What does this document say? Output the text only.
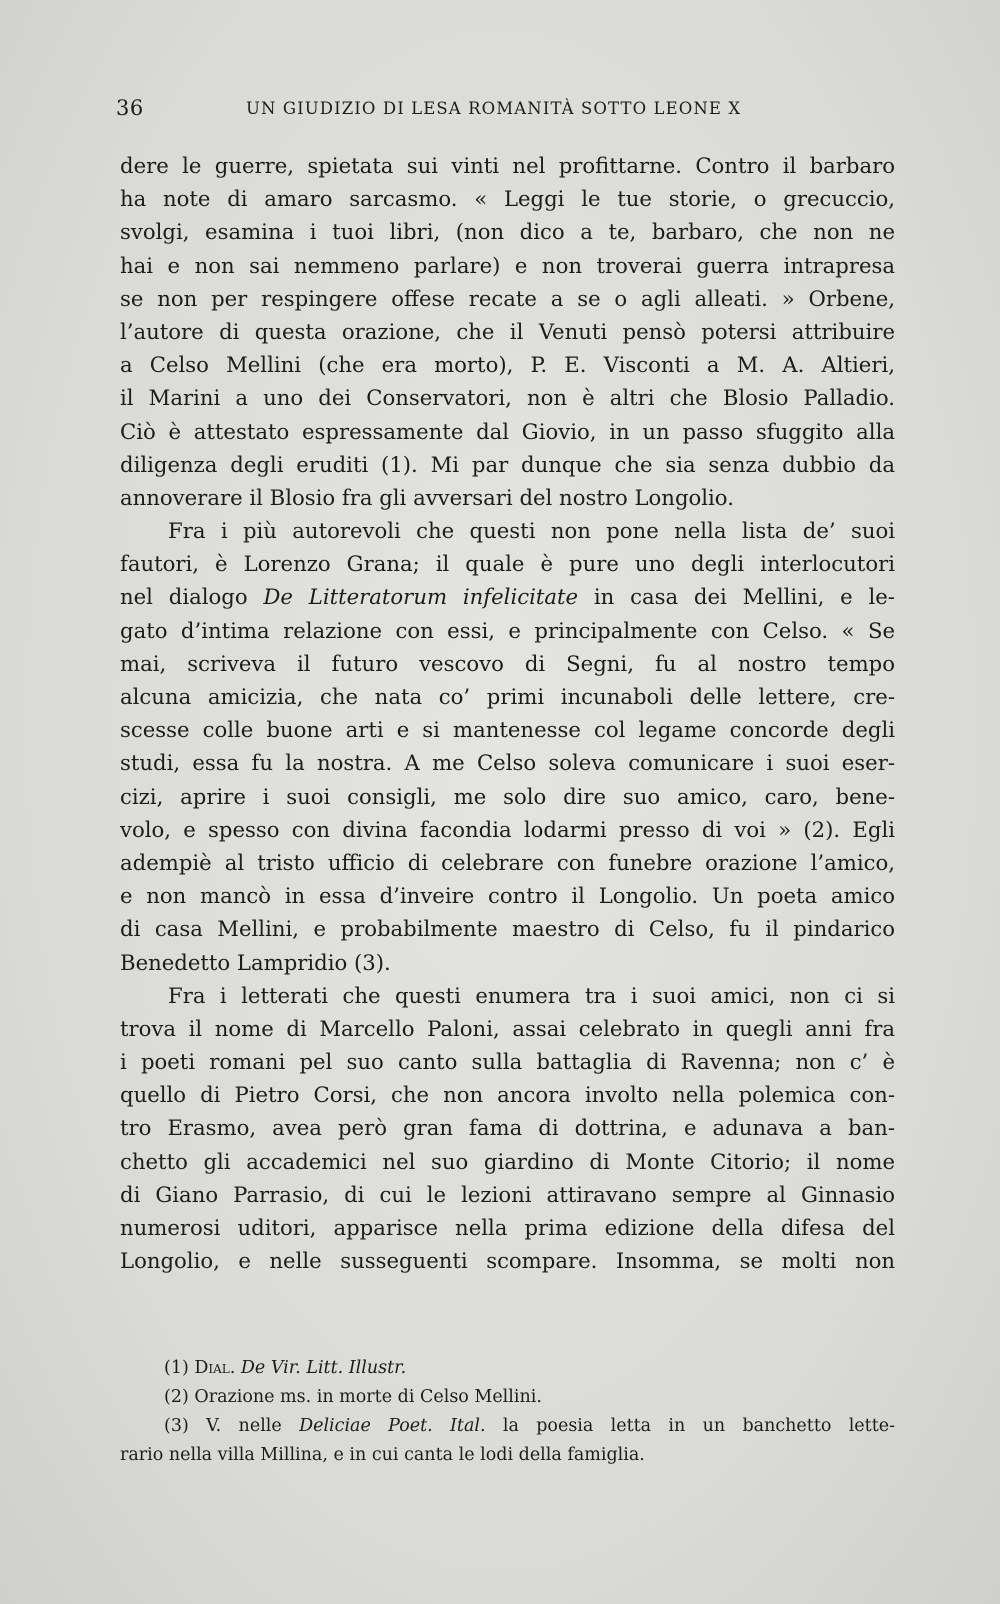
36	UN GIUDIZIO DI LESA ROMANITÀ SOTTO LEONE X
dere le guerre, spietata sui vinti nel profittarne. Contro il barbaro
ha note di amaro sarcasmo. « Leggi le tue storie, o grecuccio,
svolgi, esamina i tuoi libri, (non dico a te, barbaro, che non ne
hai e non sai nemmeno parlare) e non troverai guerra intrapresa
se non per respingere offese recate a se o agli alleati. » Orbene,
l’autore di questa orazione, che il Venuti pensò potersi attribuire
a Celso Mellini (che era morto), P. E. Visconti a M. A. Altieri,
il Marini a uno dei Conservatori, non è altri che Blosio Palladio.
Ciò è attestato espressamente dal Giovio, in un passo sfuggito alla
diligenza degli eruditi (1). Mi par dunque che sia senza dubbio da
annoverare il Blosio fra gli avversari del nostro Longolio.
Fra i più autorevoli che questi non pone nella lista de’ suoi
fautori, è Lorenzo Grana; il quale è pure uno degli interlocutori
nel dialogo De Litteratorum infelicitate in casa dei Mellini, e le-
gato d’intima relazione con essi, e principalmente con Celso. « Se
mai, scriveva il futuro vescovo di Segni, fu al nostro tempo
alcuna amicizia, che nata co’ primi incunaboli delle lettere, cre-
scesse colle buone arti e si mantenesse col legame concorde degli
studi, essa fu la nostra. A me Celso soleva comunicare i suoi eser-
cizi, aprire i suoi consigli, me solo dire suo amico, caro, bene-
volo, e spesso con divina facondia lodarmi presso di voi » (2). Egli
adempiè al tristo ufficio di celebrare con funebre orazione l’amico,
e non mancò in essa d’inveire contro il Longolio. Un poeta amico
di casa Mellini, e probabilmente maestro di Celso, fu il pindarico
Benedetto Lampridio (3).
Fra i letterati che questi enumera tra i suoi amici, non ci si
trova il nome di Marcello Paloni, assai celebrato in quegli anni fra
i poeti romani pel suo canto sulla battaglia di Ravenna; non c’ è
quello di Pietro Corsi, che non ancora involto nella polemica con-
tro Erasmo, avea però gran fama di dottrina, e adunava a ban-
chetto gli accademici nel suo giardino di Monte Citorio; il nome
di Giano Parrasio, di cui le lezioni attiravano sempre al Ginnasio
numerosi uditori, apparisce nella prima edizione della difesa del
Longolio, e nelle susseguenti scompare. Insomma, se molti non
(1) Dial. De Vir. Litt. Illustr.
(2) Orazione ms. in morte di Celso Mellini.
(3) V. nelle Deliciae Poet. Ital. la poesia letta in un banchetto lette-
rario nella villa Millina, e in cui canta le lodi della famiglia.
